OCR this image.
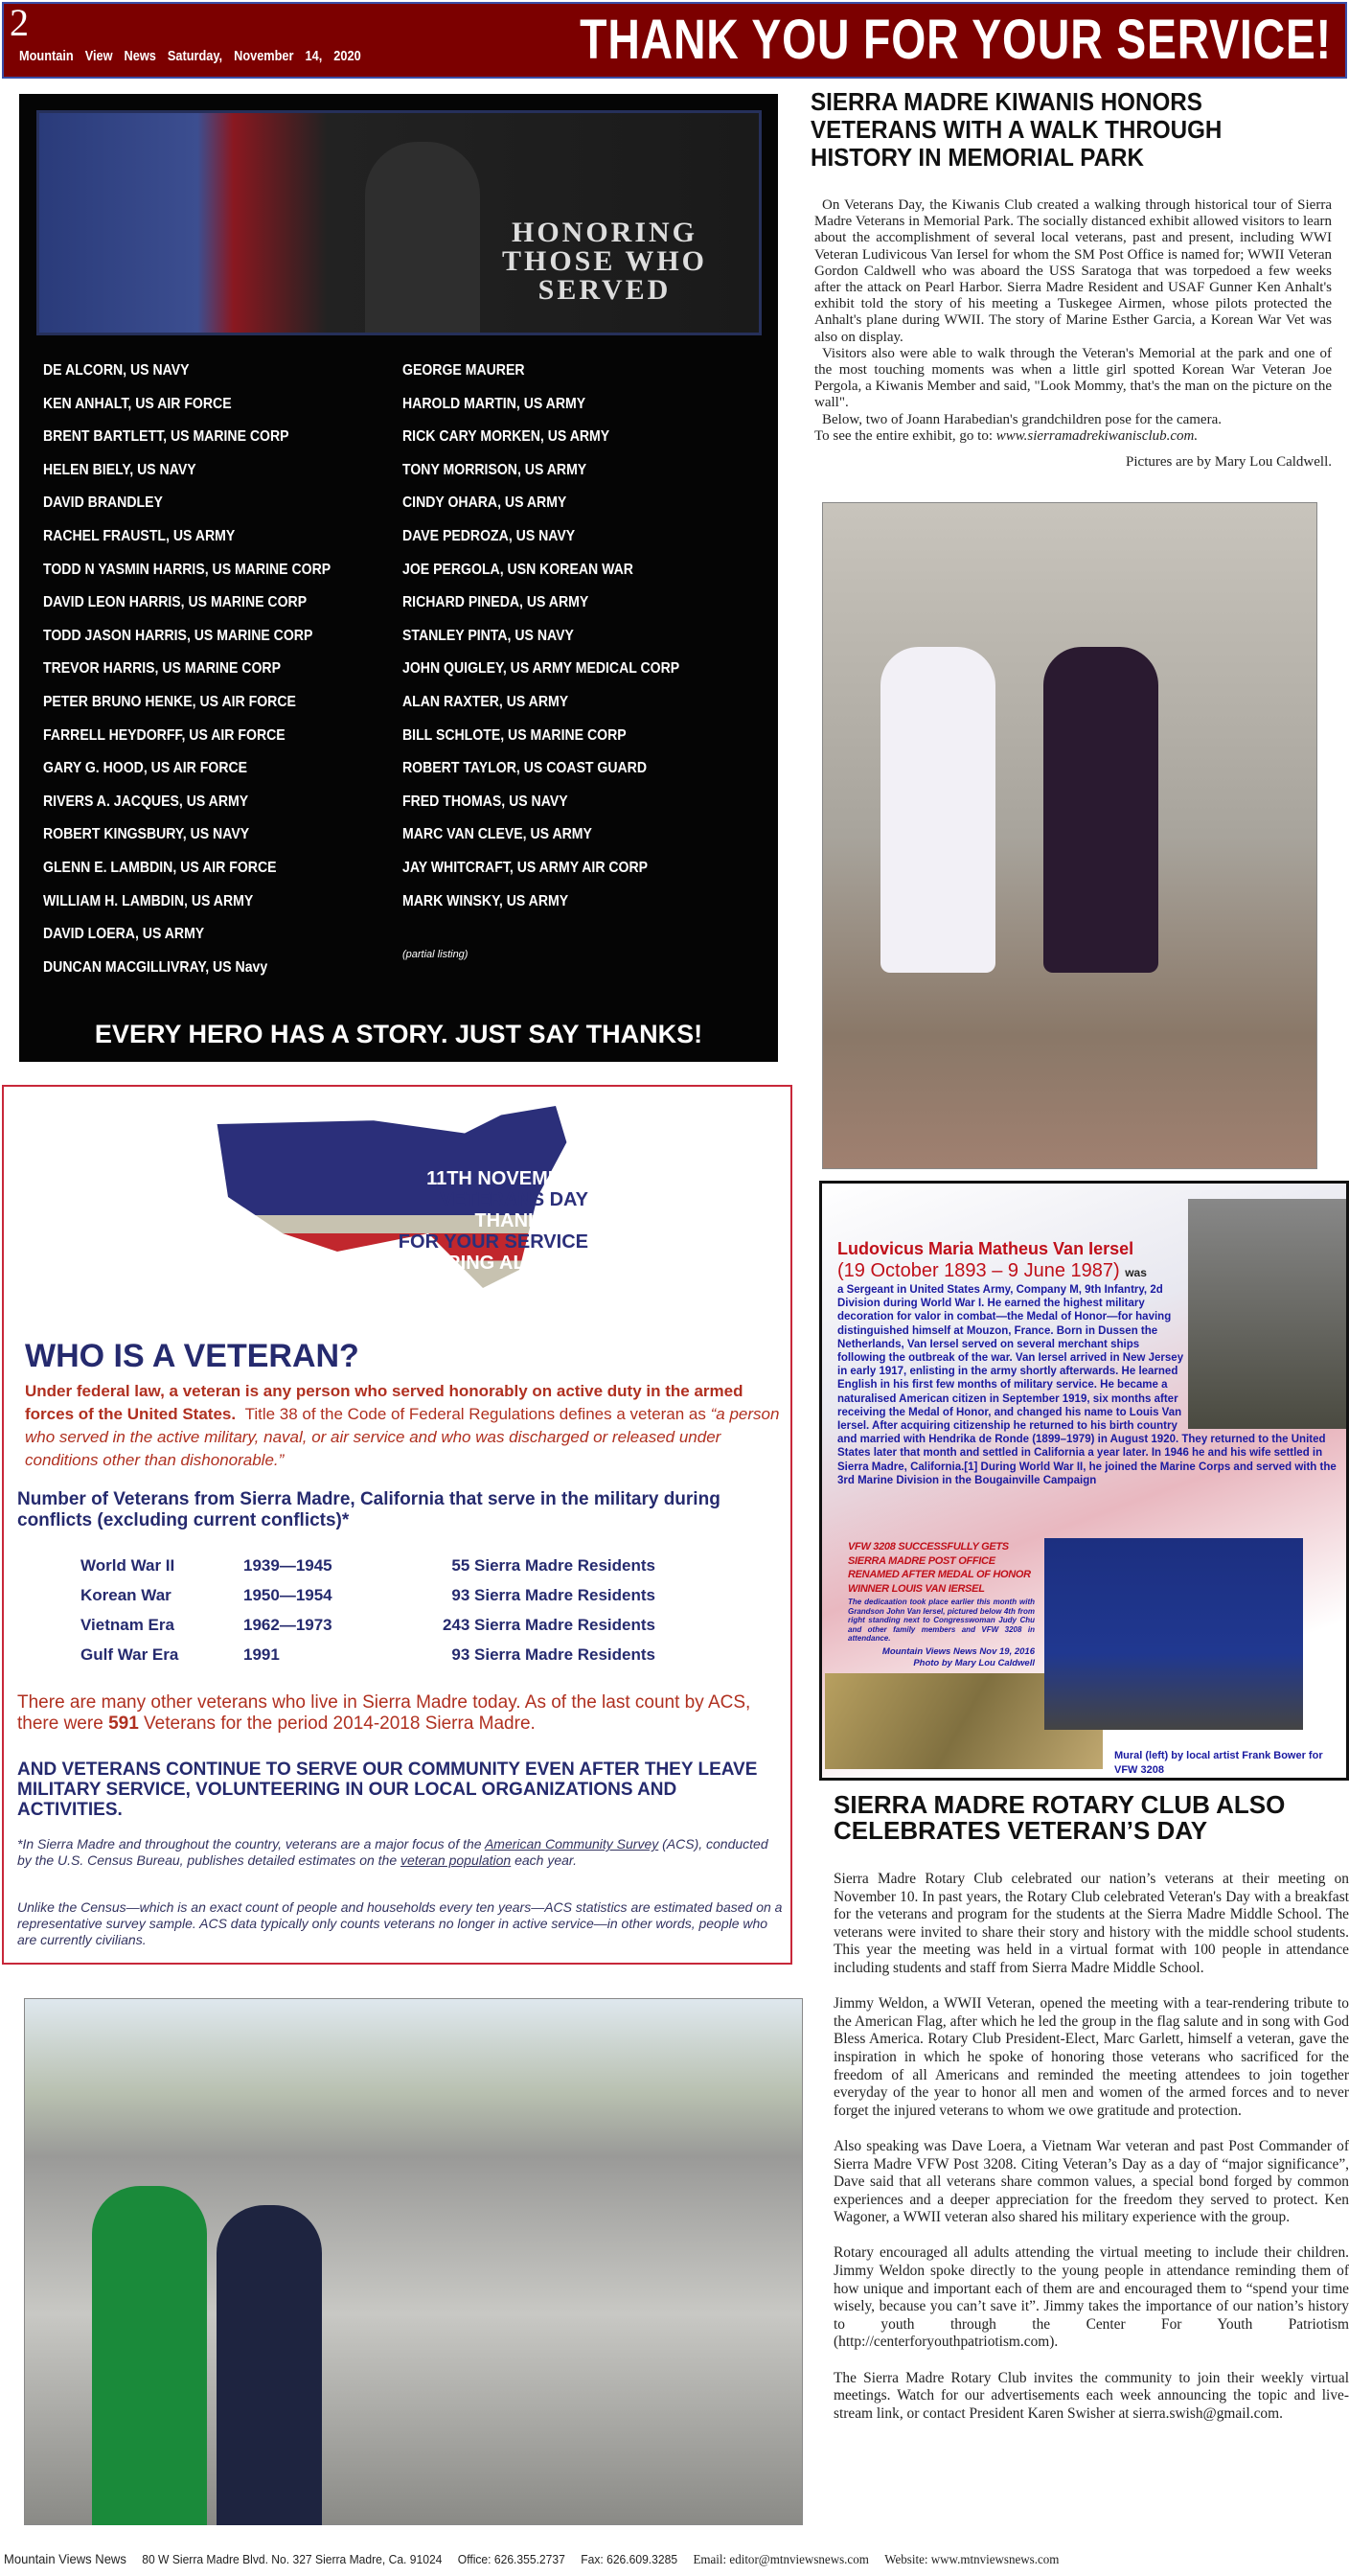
2
Mountain View News Saturday, November 14, 2020	THANK YOU FOR YOUR SERVICE!
HONORING THOSE WHO SERVED
DE ALCORN, US NAVY
KEN ANHALT, US AIR FORCE
BRENT BARTLETT, US MARINE CORP
HELEN BIELY, US NAVY
DAVID BRANDLEY
RACHEL FRAUSTL, US ARMY
TODD N YASMIN HARRIS, US MARINE CORP
DAVID LEON HARRIS, US MARINE CORP
TODD JASON HARRIS, US MARINE CORP
TREVOR HARRIS, US MARINE CORP
PETER BRUNO HENKE, US AIR FORCE
FARRELL HEYDORFF, US AIR FORCE
GARY G. HOOD, US AIR FORCE
RIVERS A. JACQUES, US ARMY
ROBERT KINGSBURY, US NAVY
GLENN E. LAMBDIN, US AIR FORCE
WILLIAM H. LAMBDIN, US ARMY
DAVID LOERA, US ARMY
DUNCAN MACGILLIVRAY, US Navy
GEORGE MAURER
HAROLD MARTIN, US ARMY
RICK CARY MORKEN, US ARMY
TONY MORRISON, US ARMY
CINDY OHARA, US ARMY
DAVE PEDROZA, US NAVY
JOE PERGOLA, USN KOREAN WAR
RICHARD PINEDA, US ARMY
STANLEY PINTA, US NAVY
JOHN QUIGLEY, US ARMY MEDICAL CORP
ALAN RAXTER, US ARMY
BILL SCHLOTE, US MARINE CORP
ROBERT TAYLOR, US COAST GUARD
FRED THOMAS, US NAVY
MARC VAN CLEVE, US ARMY
JAY WHITCRAFT, US ARMY AIR CORP
MARK WINSKY, US ARMY
(partial listing)
EVERY HERO HAS A STORY. JUST SAY THANKS!
11TH NOVEMBER
VETERANS DAY
THANK YOU
FOR YOUR SERVICE
HONORING ALL WHO SERVED
WHO IS A VETERAN?
Under federal law, a veteran is any person who served honorably on active duty in the armed forces of the United States. Title 38 of the Code of Federal Regulations defines a veteran as “a person who served in the active military, naval, or air service and who was discharged or released under conditions other than dishonorable.”
Number of Veterans from Sierra Madre, California that serve in the military during conflicts (excluding current conflicts)*
World War II	1939—1945	55 Sierra Madre Residents
Korean War	1950—1954	93 Sierra Madre Residents
Vietnam Era	1962—1973	243 Sierra Madre Residents
Gulf War Era	1991	93 Sierra Madre Residents
There are many other veterans who live in Sierra Madre today. As of the last count by ACS, there were 591 Veterans for the period 2014-2018 Sierra Madre.
AND VETERANS CONTINUE TO SERVE OUR COMMUNITY EVEN AFTER THEY LEAVE MILITARY SERVICE, VOLUNTEERING IN OUR LOCAL ORGANIZATIONS AND ACTIVITIES.
*In Sierra Madre and throughout the country, veterans are a major focus of the American Community Survey (ACS), conducted by the U.S. Census Bureau, publishes detailed estimates on the veteran population each year.
Unlike the Census—which is an exact count of people and households every ten years—ACS statistics are estimated based on a representative survey sample. ACS data typically only counts veterans no longer in active service—in other words, people who are currently civilians.
SIERRA MADRE KIWANIS HONORS VETERANS WITH A WALK THROUGH HISTORY IN MEMORIAL PARK

On Veterans Day, the Kiwanis Club created a walking through historical tour of Sierra Madre Veterans in Memorial Park. The socially distanced exhibit allowed visitors to learn about the accomplishment of several local veterans, past and present, including WWI Veteran Ludivicous Van Iersel for whom the SM Post Office is named for; WWII Veteran Gordon Caldwell who was aboard the USS Saratoga that was torpedoed a few weeks after the attack on Pearl Harbor. Sierra Madre Resident and USAF Gunner Ken Anhalt's exhibit told the story of his meeting a Tuskegee Airmen, whose pilots protected the Anhalt's plane during WWII. The story of Marine Esther Garcia, a Korean War Vet was also on display.

Visitors also were able to walk through the Veteran's Memorial at the park and one of the most touching moments was when a little girl spotted Korean War Veteran Joe Pergola, a Kiwanis Member and said, "Look Mommy, that's the man on the picture on the wall".

Below, two of Joann Harabedian's grandchildren pose for the camera.

To see the entire exhibit, go to: www.sierramadrekiwanisclub.com.
Pictures are by Mary Lou Caldwell.
Ludovicus Maria Matheus Van Iersel
(19 October 1893 – 9 June 1987) was
a Sergeant in United States Army, Company M, 9th Infantry, 2d Division during World War I. He earned the highest military decoration for valor in combat—the Medal of Honor—for having distinguished himself at Mouzon, France. Born in Dussen the Netherlands, Van Iersel served on several merchant ships following the outbreak of the war. Van Iersel arrived in New Jersey in early 1917, enlisting in the army shortly afterwards. He learned English in his first few months of military service. He became a naturalised American citizen in September 1919, six months after receiving the Medal of Honor, and changed his name to Louis Van Iersel. After acquiring citizenship he returned to his birth country and married with Hendrika de Ronde (1899–1979) in August 1920. They returned to the United States later that month and settled in California a year later. In 1946 he and his wife settled in Sierra Madre, California.[1] During World War II, he joined the Marine Corps and served with the 3rd Marine Division in the Bougainville Campaign
VFW 3208 SUCCESSFULLY GETS SIERRA MADRE POST OFFICE RENAMED AFTER MEDAL OF HONOR WINNER LOUIS VAN IERSEL
The dedicaation took place earlier this month with Grandson John Van Iersel, pictured below 4th from right standing next to Congresswoman Judy Chu and other family members and VFW 3208 in attendance.
Mountain Views News Nov 19, 2016
Photo by Mary Lou Caldwell
Mural (left) by local artist Frank Bower for VFW 3208
SIERRA MADRE ROTARY CLUB ALSO CELEBRATES VETERAN’S DAY

Sierra Madre Rotary Club celebrated our nation’s veterans at their meeting on November 10. In past years, the Rotary Club celebrated Veteran's Day with a breakfast for the veterans and program for the students at the Sierra Madre Middle School. The veterans were invited to share their story and history with the middle school students. This year the meeting was held in a virtual format with 100 people in attendance including students and staff from Sierra Madre Middle School.

Jimmy Weldon, a WWII Veteran, opened the meeting with a tear-rendering tribute to the American Flag, after which he led the group in the flag salute and in song with God Bless America. Rotary Club President-Elect, Marc Garlett, himself a veteran, gave the inspiration in which he spoke of honoring those veterans who sacrificed for the freedom of all Americans and reminded the meeting attendees to join together everyday of the year to honor all men and women of the armed forces and to never forget the injured veterans to whom we owe gratitude and protection.

Also speaking was Dave Loera, a Vietnam War veteran and past Post Commander of Sierra Madre VFW Post 3208. Citing Veteran’s Day as a day of “major significance”, Dave said that all veterans share common values, a special bond forged by common experiences and a deeper appreciation for the freedom they served to protect. Ken Wagoner, a WWII veteran also shared his military experience with the group.

Rotary encouraged all adults attending the virtual meeting to include their children. Jimmy Weldon spoke directly to the young people in attendance reminding them of how unique and important each of them are and encouraged them to “spend your time wisely, because you can’t save it”. Jimmy takes the importance of our nation’s history to youth through the Center For Youth Patriotism (http://centerforyouthpatriotism.com).

The Sierra Madre Rotary Club invites the community to join their weekly virtual meetings. Watch for our advertisements each week announcing the topic and live-stream link, or contact President Karen Swisher at sierra.swish@gmail.com.

Mountain Views News 80 W Sierra Madre Blvd. No. 327 Sierra Madre, Ca. 91024 Office: 626.355.2737 Fax: 626.609.3285 Email: editor@mtnviewsnews.com Website: www.mtnviewsnews.com
